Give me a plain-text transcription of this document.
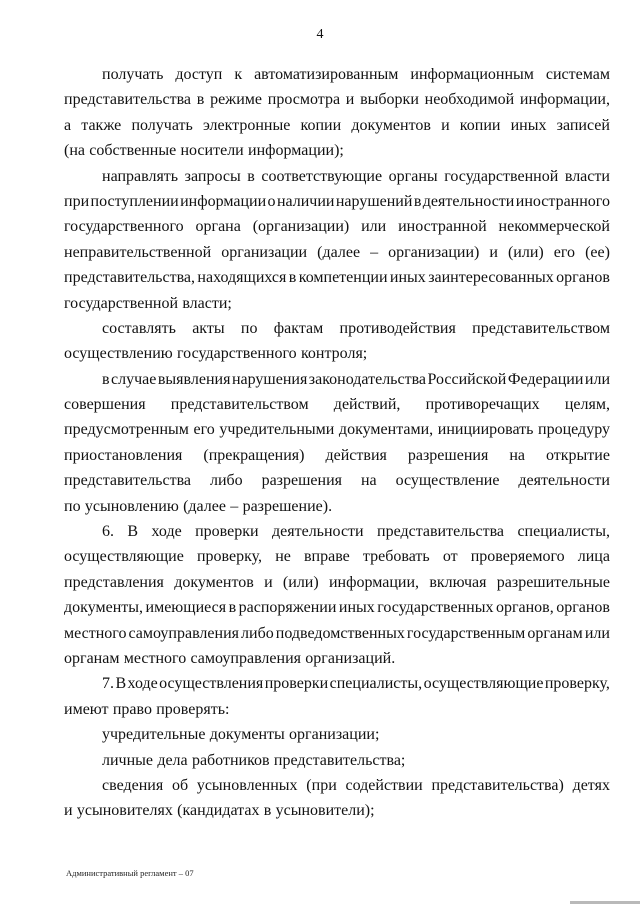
4
получать доступ к автоматизированным информационным системам
представительства в режиме просмотра и выборки необходимой информации,
а также получать электронные копии документов и копии иных записей
(на собственные носители информации);
направлять запросы в соответствующие органы государственной власти
при поступлении информации о наличии нарушений в деятельности иностранного
государственного органа (организации) или иностранной некоммерческой
неправительственной организации (далее – организации) и (или) его (ее)
представительства, находящихся в компетенции иных заинтересованных органов
государственной власти;
составлять акты по фактам противодействия представительством
осуществлению государственного контроля;
в случае выявления нарушения законодательства Российской Федерации или
совершения представительством действий, противоречащих целям,
предусмотренным его учредительными документами, инициировать процедуру
приостановления (прекращения) действия разрешения на открытие
представительства либо разрешения на осуществление деятельности
по усыновлению (далее – разрешение).
6. В ходе проверки деятельности представительства специалисты,
осуществляющие проверку, не вправе требовать от проверяемого лица
представления документов и (или) информации, включая разрешительные
документы, имеющиеся в распоряжении иных государственных органов, органов
местного самоуправления либо подведомственных государственным органам или
органам местного самоуправления организаций.
7. В ходе осуществления проверки специалисты, осуществляющие проверку,
имеют право проверять:
учредительные документы организации;
личные дела работников представительства;
сведения об усыновленных (при содействии представительства) детях
и усыновителях (кандидатах в усыновители);
Административный регламент – 07
